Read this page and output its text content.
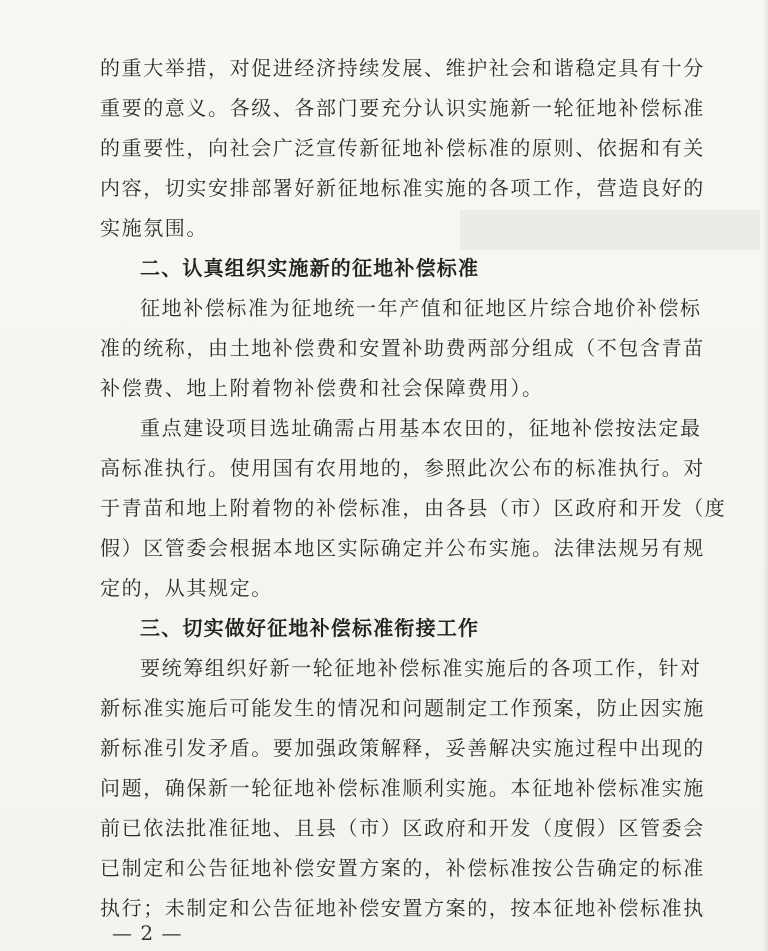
的重大举措，对促进经济持续发展、维护社会和谐稳定具有十分
重要的意义。各级、各部门要充分认识实施新一轮征地补偿标准
的重要性，向社会广泛宣传新征地补偿标准的原则、依据和有关
内容，切实安排部署好新征地标准实施的各项工作，营造良好的
实施氛围。
二、认真组织实施新的征地补偿标准
征地补偿标准为征地统一年产值和征地区片综合地价补偿标
准的统称，由土地补偿费和安置补助费两部分组成（不包含青苗
补偿费、地上附着物补偿费和社会保障费用）。
重点建设项目选址确需占用基本农田的，征地补偿按法定最
高标准执行。使用国有农用地的，参照此次公布的标准执行。对
于青苗和地上附着物的补偿标准，由各县（市）区政府和开发（度
假）区管委会根据本地区实际确定并公布实施。法律法规另有规
定的，从其规定。
三、切实做好征地补偿标准衔接工作
要统筹组织好新一轮征地补偿标准实施后的各项工作，针对
新标准实施后可能发生的情况和问题制定工作预案，防止因实施
新标准引发矛盾。要加强政策解释，妥善解决实施过程中出现的
问题，确保新一轮征地补偿标准顺利实施。本征地补偿标准实施
前已依法批准征地、且县（市）区政府和开发（度假）区管委会
已制定和公告征地补偿安置方案的，补偿标准按公告确定的标准
执行；未制定和公告征地补偿安置方案的，按本征地补偿标准执
— 2 —
